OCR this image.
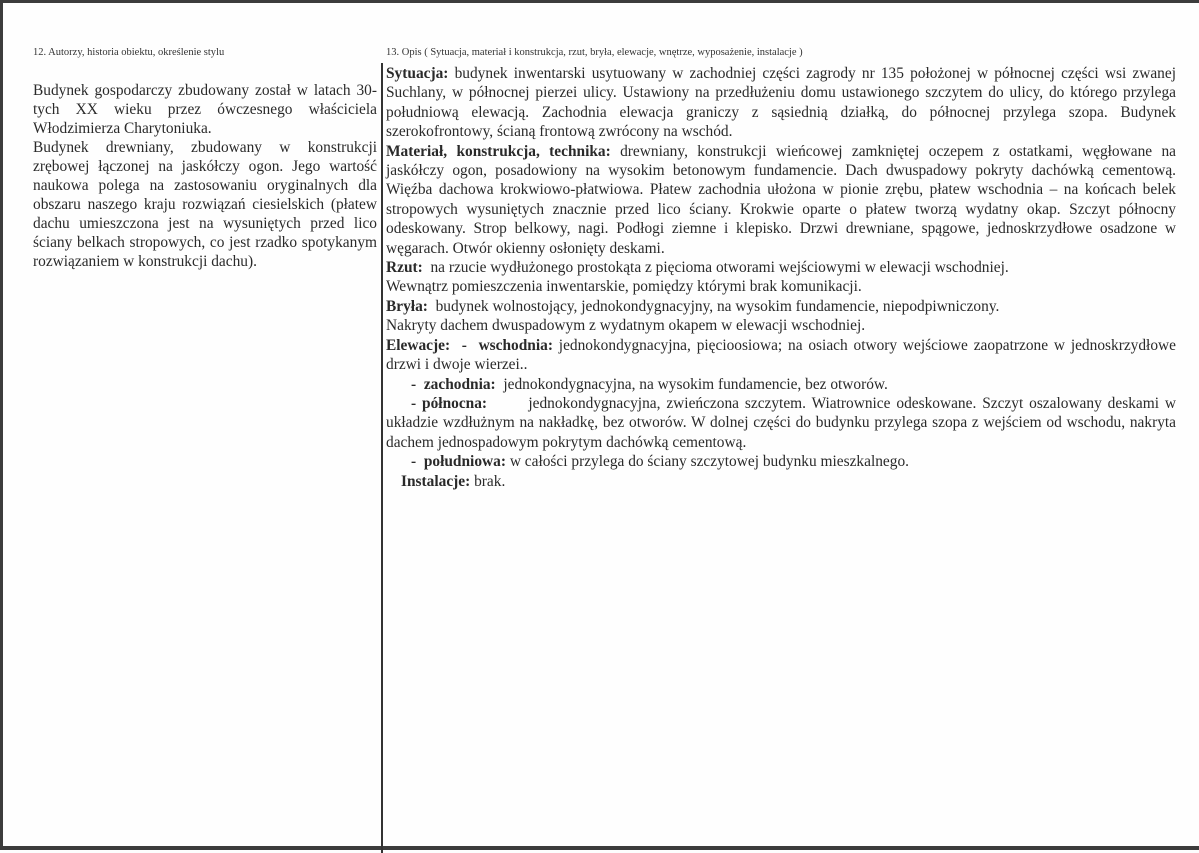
12. Autorzy, historia obiektu, określenie stylu
Budynek gospodarczy zbudowany został w latach 30-tych XX wieku przez ówczesnego właściciela Włodzimierza Charytoniuka.
Budynek drewniany, zbudowany w konstrukcji zrębowej łączonej na jaskółczy ogon. Jego wartość naukowa polega na zastosowaniu oryginalnych dla obszaru naszego kraju rozwiązań ciesielskich (płatew dachu umieszczona jest na wysuniętych przed lico ściany belkach stropowych, co jest rzadko spotykanym rozwiązaniem w konstrukcji dachu).
13. Opis ( Sytuacja, materiał i konstrukcja, rzut, bryła, elewacje, wnętrze, wyposażenie, instalacje )
Sytuacja: budynek inwentarski usytuowany w zachodniej części zagrody nr 135 położonej w północnej części wsi zwanej Suchlany, w północnej pierzei ulicy. Ustawiony na przedłużeniu domu ustawionego szczytem do ulicy, do którego przylega południową elewacją. Zachodnia elewacja graniczy z sąsiednią działką, do północnej przylega szopa. Budynek szerokofrontowy, ścianą frontową zwrócony na wschód.
Materiał, konstrukcja, technika: drewniany, konstrukcji wieńcowej zamkniętej oczepem z ostatkami, węgłowane na jaskółczy ogon, posadowiony na wysokim betonowym fundamencie. Dach dwuspadowy pokryty dachówką cementową. Więźba dachowa krokwiowo-płatwiowa. Płatew zachodnia ułożona w pionie zrębu, płatew wschodnia – na końcach belek stropowych wysuniętych znacznie przed lico ściany. Krokwie oparte o płatew tworzą wydatny okap. Szczyt północny odeskowany. Strop belkowy, nagi. Podłogi ziemne i klepisko. Drzwi drewniane, spągowe, jednoskrzydłowe osadzone w węgarach. Otwór okienny osłonięty deskami.
Rzut: na rzucie wydłużonego prostokąta z pięcioma otworami wejściowymi w elewacji wschodniej.
Wewnątrz pomieszczenia inwentarskie, pomiędzy którymi brak komunikacji.
Bryła: budynek wolnostojący, jednokondygnacyjny, na wysokim fundamencie, niepodpiwniczony.
Nakryty dachem dwuspadowym z wydatnym okapem w elewacji wschodniej.
Elewacje: - wschodnia: jednokondygnacyjna, pięcioosiowa; na osiach otwory wejściowe zaopatrzone w jednoskrzydłowe drzwi i dwoje wierzei..
- zachodnia: jednokondygnacyjna, na wysokim fundamencie, bez otworów.
- północna:	jednokondygnacyjna, zwieńczona szczytem. Wiatrownice odeskowane. Szczyt oszalowany deskami w układzie wzdłużnym na nakładkę, bez otworów. W dolnej części do budynku przylega szopa z wejściem od wschodu, nakryta dachem jednospadowym pokrytym dachówką cementową.
- południowa: w całości przylega do ściany szczytowej budynku mieszkalnego.
Instalacje: brak.
